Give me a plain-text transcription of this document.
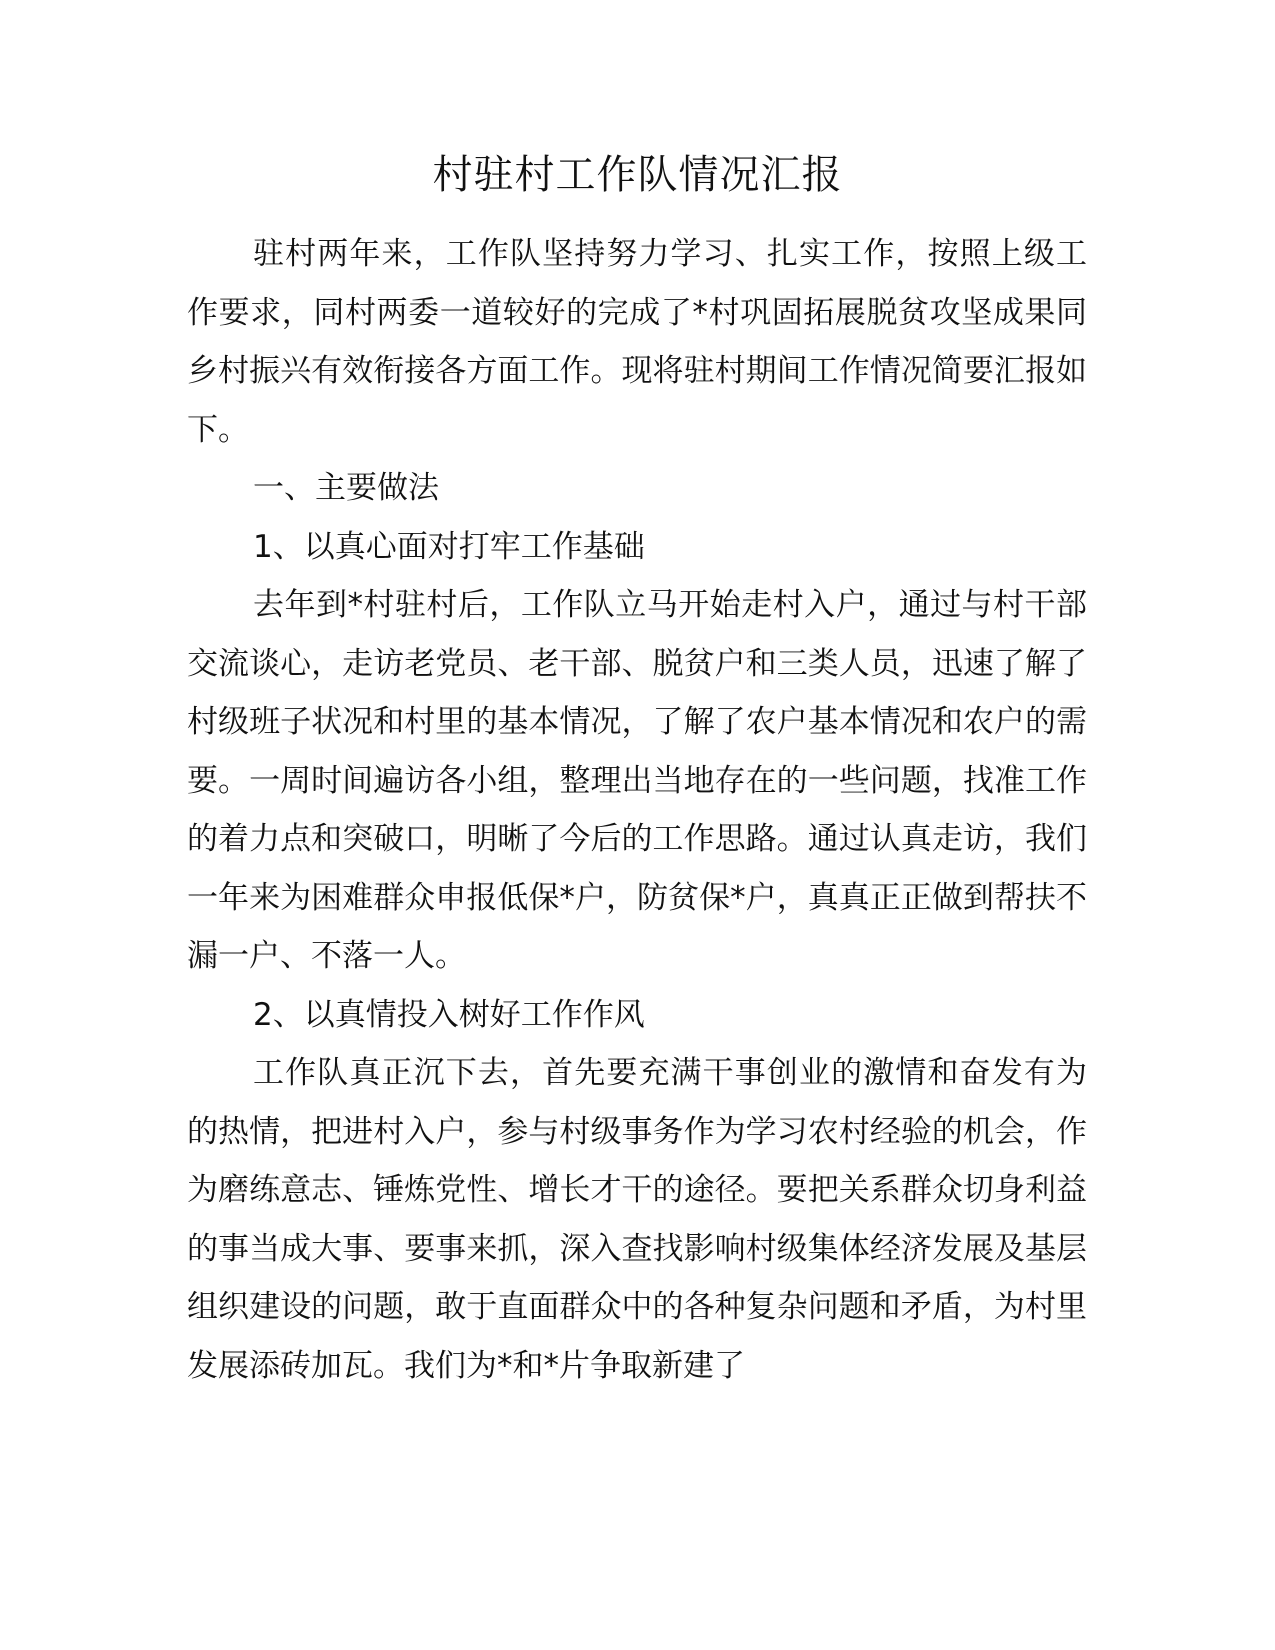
村驻村工作队情况汇报

驻村两年来，工作队坚持努力学习、扎实工作，按照上级工作要求，同村两委一道较好的完成了*村巩固拓展脱贫攻坚成果同乡村振兴有效衔接各方面工作。现将驻村期间工作情况简要汇报如下。

一、主要做法

1、以真心面对打牢工作基础

去年到*村驻村后，工作队立马开始走村入户，通过与村干部交流谈心，走访老党员、老干部、脱贫户和三类人员，迅速了解了村级班子状况和村里的基本情况，了解了农户基本情况和农户的需要。一周时间遍访各小组，整理出当地存在的一些问题，找准工作的着力点和突破口，明晰了今后的工作思路。通过认真走访，我们一年来为困难群众申报低保*户，防贫保*户，真真正正做到帮扶不漏一户、不落一人。

2、以真情投入树好工作作风

工作队真正沉下去，首先要充满干事创业的激情和奋发有为的热情，把进村入户，参与村级事务作为学习农村经验的机会，作为磨练意志、锤炼党性、增长才干的途径。要把关系群众切身利益的事当成大事、要事来抓，深入查找影响村级集体经济发展及基层组织建设的问题，敢于直面群众中的各种复杂问题和矛盾，为村里发展添砖加瓦。我们为*和*片争取新建了
